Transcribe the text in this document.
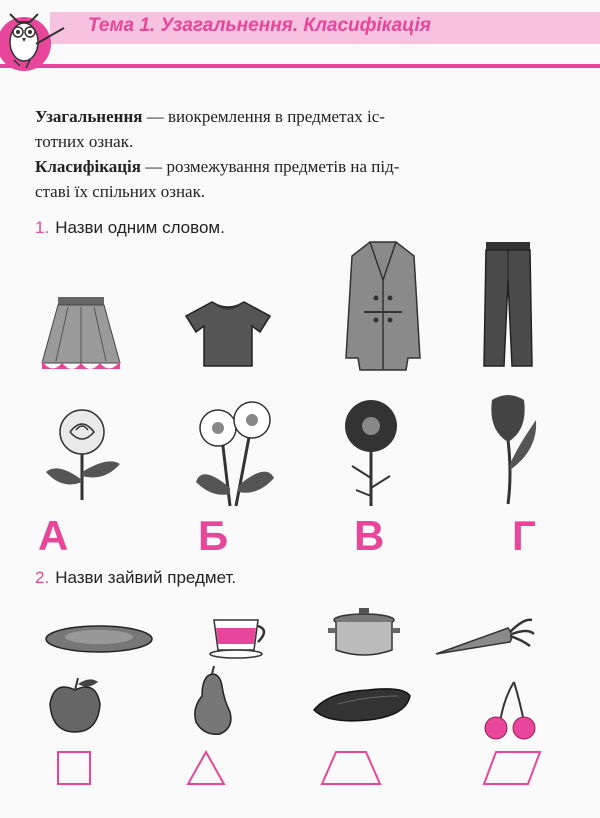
Тема 1. Узагальнення. Класифікація
Узагальнення — виокремлення в предметах іс-
тотних ознак.
Класифікація — розмежування предметів на під-
ставі їх спільних ознак.
1. Назви одним словом.
А	Б	В	Г
2. Назви зайвий предмет.
